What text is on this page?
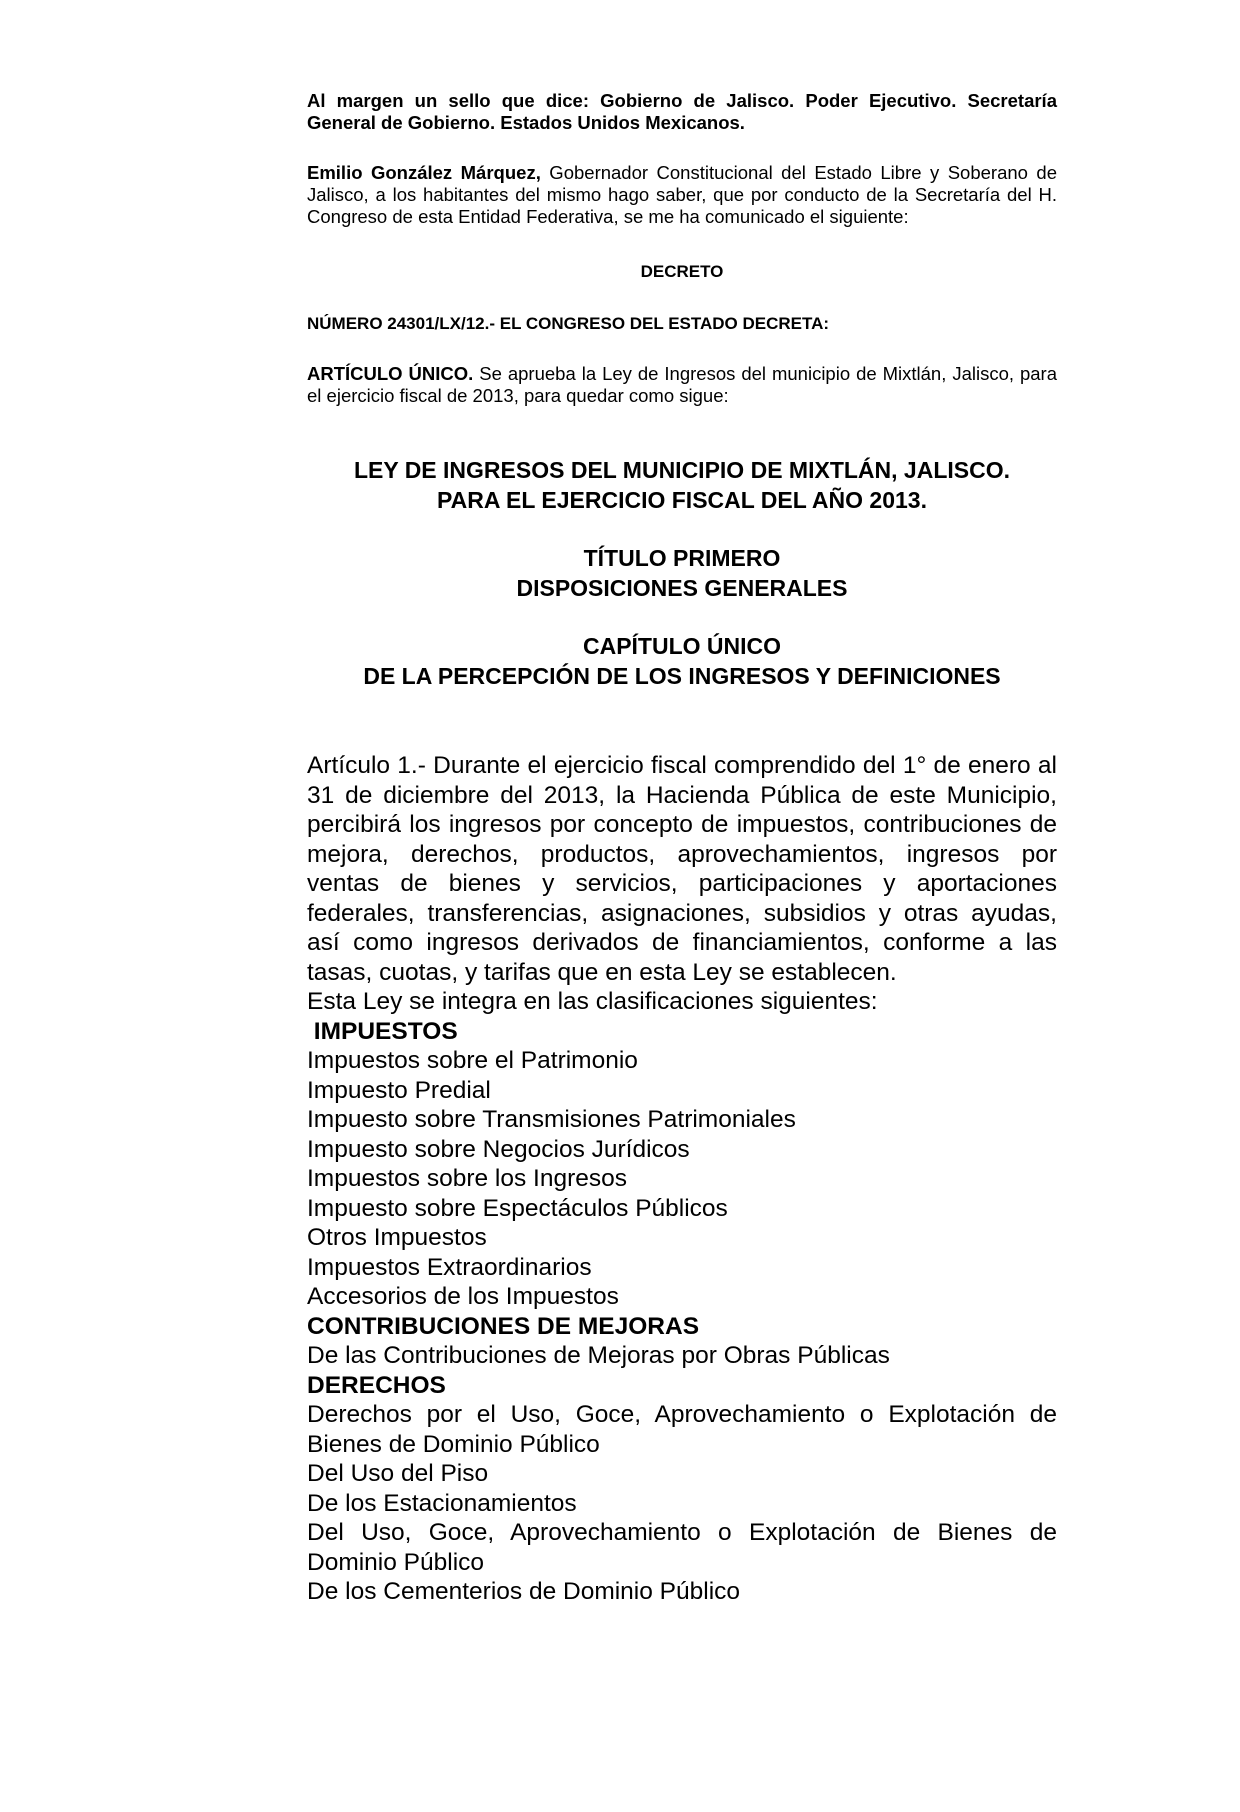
Al margen un sello que dice: Gobierno de Jalisco. Poder Ejecutivo. Secretaría General de Gobierno. Estados Unidos Mexicanos.

Emilio González Márquez, Gobernador Constitucional del Estado Libre y Soberano de Jalisco, a los habitantes del mismo hago saber, que por conducto de la Secretaría del H. Congreso de esta Entidad Federativa, se me ha comunicado el siguiente:

DECRETO

NÚMERO 24301/LX/12.- EL CONGRESO DEL ESTADO DECRETA:

ARTÍCULO ÚNICO. Se aprueba la Ley de Ingresos del municipio de Mixtlán, Jalisco, para el ejercicio fiscal de 2013, para quedar como sigue:

LEY DE INGRESOS DEL MUNICIPIO DE MIXTLÁN, JALISCO.

PARA EL EJERCICIO FISCAL DEL AÑO 2013.

TÍTULO PRIMERO

DISPOSICIONES GENERALES

CAPÍTULO ÚNICO

DE LA PERCEPCIÓN DE LOS INGRESOS Y DEFINICIONES

Artículo 1.- Durante el ejercicio fiscal comprendido del 1° de enero al 31 de diciembre del 2013, la Hacienda Pública de este Municipio, percibirá los ingresos por concepto de impuestos, contribuciones de mejora, derechos, productos, aprovechamientos, ingresos por ventas de bienes y servicios, participaciones y aportaciones federales, transferencias, asignaciones, subsidios y otras ayudas, así como ingresos derivados de financiamientos, conforme a las tasas, cuotas, y tarifas que en esta Ley se establecen.

Esta Ley se integra en las clasificaciones siguientes:
IMPUESTOS
Impuestos sobre el Patrimonio
Impuesto Predial
Impuesto sobre Transmisiones Patrimoniales
Impuesto sobre Negocios Jurídicos
Impuestos sobre los Ingresos
Impuesto sobre Espectáculos Públicos
Otros Impuestos
Impuestos Extraordinarios
Accesorios de los Impuestos
CONTRIBUCIONES DE MEJORAS
De las Contribuciones de Mejoras por Obras Públicas
DERECHOS
Derechos por el Uso, Goce, Aprovechamiento o Explotación de Bienes de Dominio Público
Del Uso del Piso
De los Estacionamientos
Del Uso, Goce, Aprovechamiento o Explotación de Bienes de Dominio Público
De los Cementerios de Dominio Público
